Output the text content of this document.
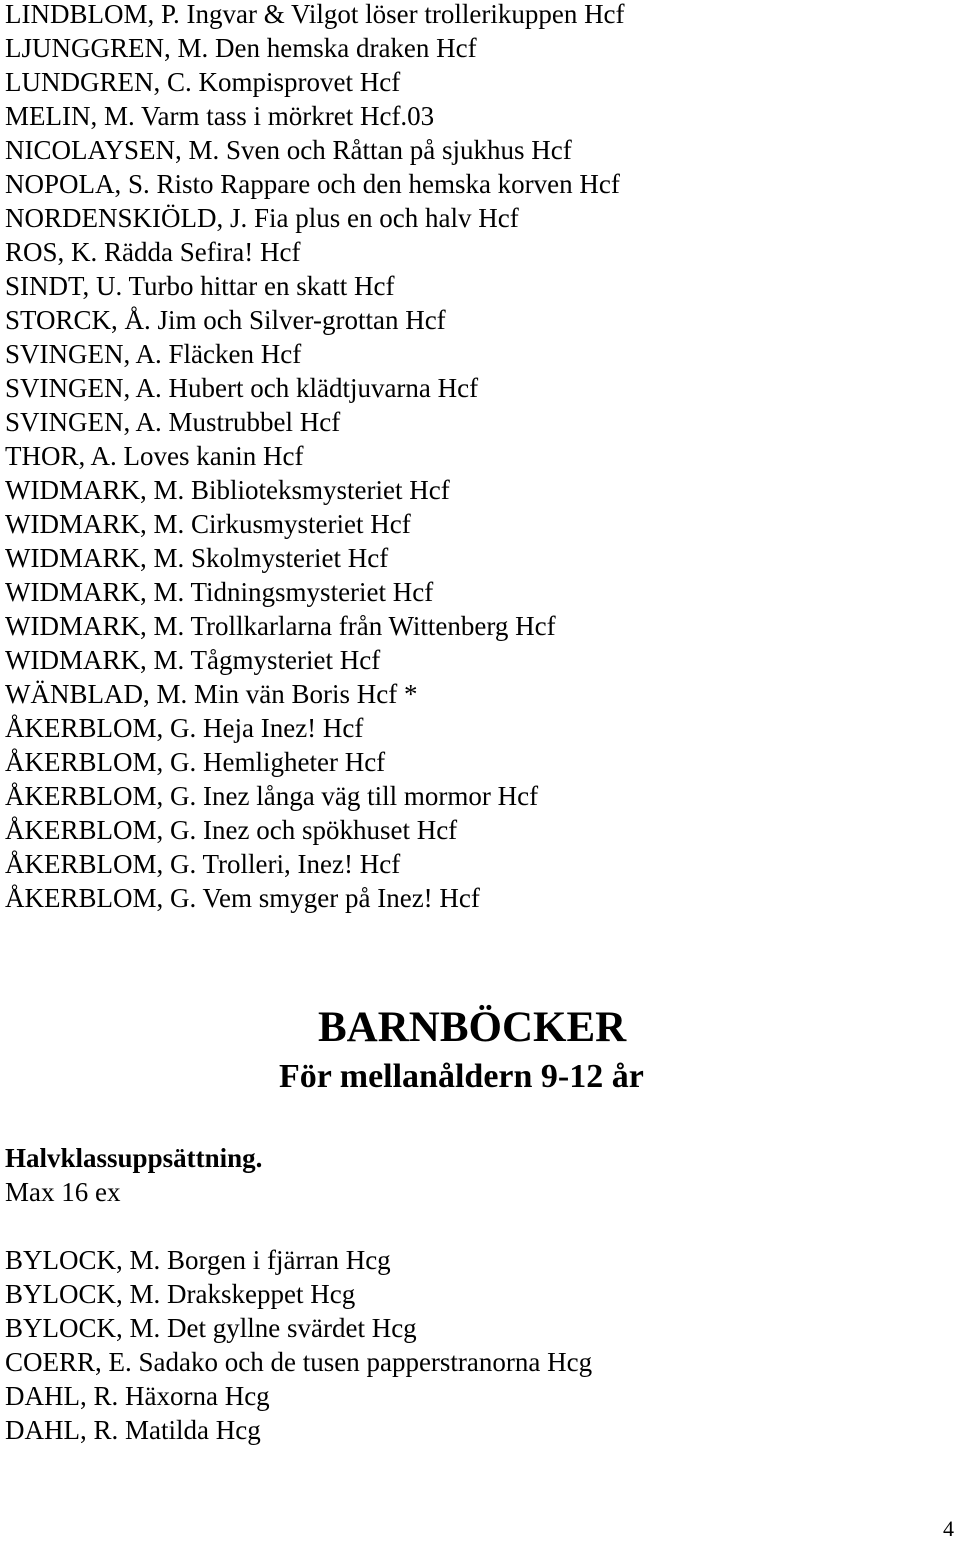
LINDBLOM, P. Ingvar & Vilgot löser trollerikuppen Hcf
LJUNGGREN, M. Den hemska draken Hcf
LUNDGREN, C. Kompisprovet Hcf
MELIN, M. Varm tass i mörkret Hcf.03
NICOLAYSEN, M. Sven och Råttan på sjukhus Hcf
NOPOLA, S. Risto Rappare och den hemska korven Hcf
NORDENSKIÖLD, J. Fia plus en och halv Hcf
ROS, K. Rädda Sefira! Hcf
SINDT, U. Turbo hittar en skatt Hcf
STORCK, Å. Jim och Silver-grottan Hcf
SVINGEN, A. Fläcken Hcf
SVINGEN, A. Hubert och klädtjuvarna Hcf
SVINGEN, A. Mustrubbel Hcf
THOR, A. Loves kanin Hcf
WIDMARK, M. Biblioteksmysteriet Hcf
WIDMARK, M. Cirkusmysteriet Hcf
WIDMARK, M. Skolmysteriet Hcf
WIDMARK, M. Tidningsmysteriet Hcf
WIDMARK, M. Trollkarlarna från Wittenberg Hcf
WIDMARK, M. Tågmysteriet Hcf
WÄNBLAD, M. Min vän Boris Hcf *
ÅKERBLOM, G. Heja Inez! Hcf
ÅKERBLOM, G. Hemligheter Hcf
ÅKERBLOM, G. Inez långa väg till mormor Hcf
ÅKERBLOM, G. Inez och spökhuset Hcf
ÅKERBLOM, G. Trolleri, Inez! Hcf
ÅKERBLOM, G. Vem smyger på Inez! Hcf
BARNBÖCKER
För mellanåldern 9-12 år
Halvklassuppsättning.
Max 16 ex
BYLOCK, M. Borgen i fjärran Hcg
BYLOCK, M. Drakskeppet Hcg
BYLOCK, M. Det gyllne svärdet Hcg
COERR, E. Sadako och de tusen papperstranorna Hcg
DAHL, R. Häxorna Hcg
DAHL, R. Matilda Hcg
4
